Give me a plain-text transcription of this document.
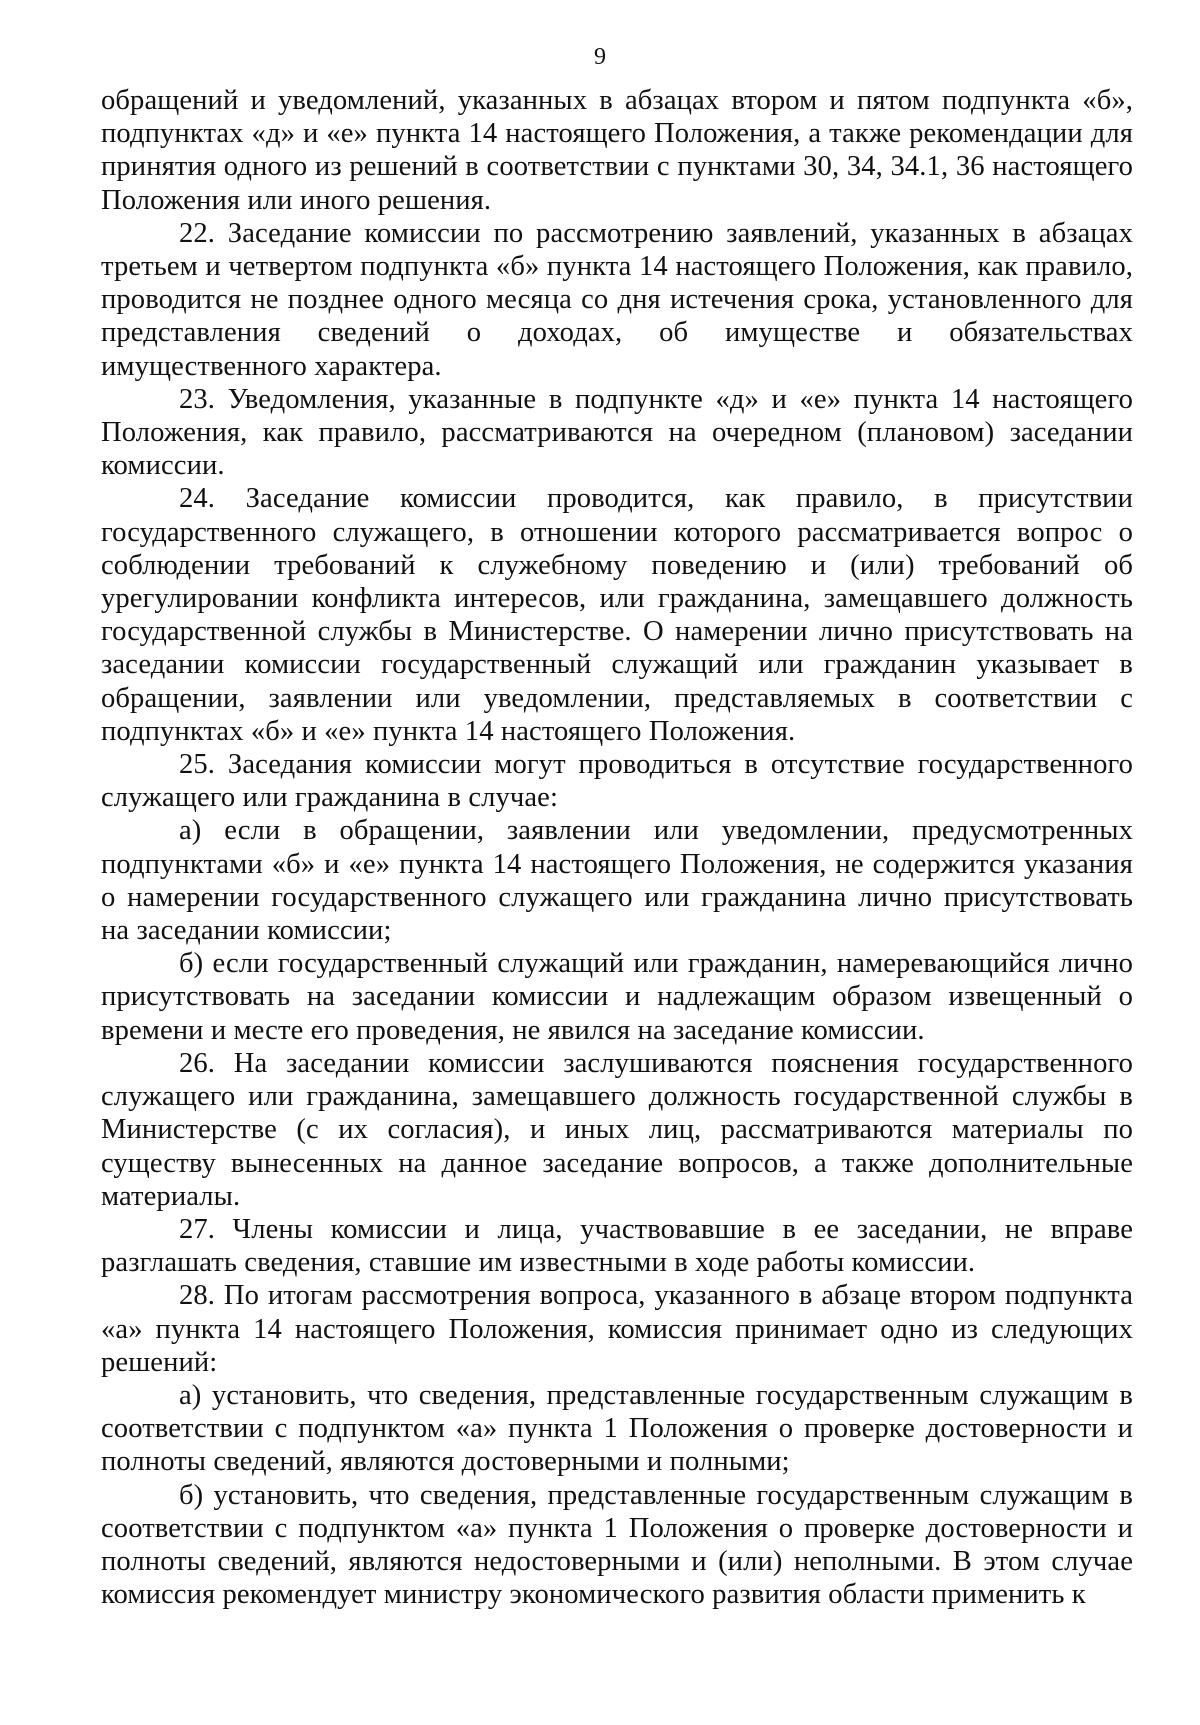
9

обращений и уведомлений, указанных в абзацах втором и пятом подпункта «б», подпунктах «д» и «е» пункта 14 настоящего Положения, а также рекомендации для принятия одного из решений в соответствии с пунктами 30, 34, 34.1, 36 настоящего Положения или иного решения.

22. Заседание комиссии по рассмотрению заявлений, указанных в абзацах третьем и четвертом подпункта «б» пункта 14 настоящего Положения, как правило, проводится не позднее одного месяца со дня истечения срока, установленного для представления сведений о доходах, об имуществе и обязательствах имущественного характера.

23. Уведомления, указанные в подпункте «д» и «е» пункта 14 настоящего Положения, как правило, рассматриваются на очередном (плановом) заседании комиссии.

24. Заседание комиссии проводится, как правило, в присутствии государственного служащего, в отношении которого рассматривается вопрос о соблюдении требований к служебному поведению и (или) требований об урегулировании конфликта интересов, или гражданина, замещавшего должность государственной службы в Министерстве. О намерении лично присутствовать на заседании комиссии государственный служащий или гражданин указывает в обращении, заявлении или уведомлении, представляемых в соответствии с подпунктах «б» и «е» пункта 14 настоящего Положения.

25. Заседания комиссии могут проводиться в отсутствие государственного служащего или гражданина в случае:

а) если в обращении, заявлении или уведомлении, предусмотренных подпунктами «б» и «е» пункта 14 настоящего Положения, не содержится указания о намерении государственного служащего или гражданина лично присутствовать на заседании комиссии;

б) если государственный служащий или гражданин, намеревающийся лично присутствовать на заседании комиссии и надлежащим образом извещенный о времени и месте его проведения, не явился на заседание комиссии.

26. На заседании комиссии заслушиваются пояснения государственного служащего или гражданина, замещавшего должность государственной службы в Министерстве (с их согласия), и иных лиц, рассматриваются материалы по существу вынесенных на данное заседание вопросов, а также дополнительные материалы.

27. Члены комиссии и лица, участвовавшие в ее заседании, не вправе разглашать сведения, ставшие им известными в ходе работы комиссии.

28. По итогам рассмотрения вопроса, указанного в абзаце втором подпункта «а» пункта 14 настоящего Положения, комиссия принимает одно из следующих решений:

а) установить, что сведения, представленные государственным служащим в соответствии с подпунктом «а» пункта 1 Положения о проверке достоверности и полноты сведений, являются достоверными и полными;

б) установить, что сведения, представленные государственным служащим в соответствии с подпунктом «а» пункта 1 Положения о проверке достоверности и полноты сведений, являются недостоверными и (или) неполными. В этом случае комиссия рекомендует министру экономического развития области применить к
